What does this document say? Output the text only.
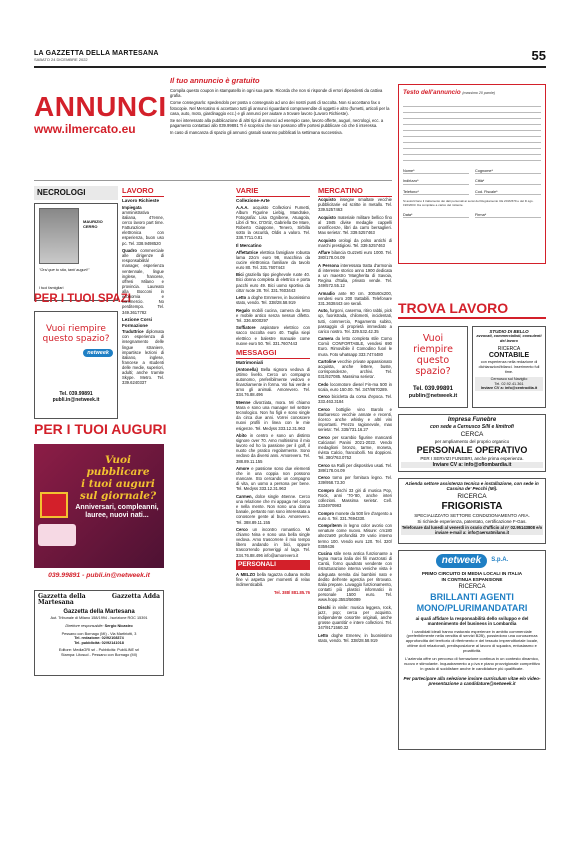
LA GAZZETTA DELLA MARTESANA
SABATO 24 DICEMBRE 2022	55
ANNUNCI
www.ilmercato.eu
Il tuo annuncio è gratuito

Compila questo coupon in stampatello in ogni sua parte. Ricorda che non si risponde di errori dipendenti da cattiva grafia.

Come consegnarlo: spedendolo per posta o consegnalo ad uno dei nostri punti di raccolta. Non si accettano fax o fotocopie. Nel Mercatino si accettano tutti gli annunci riguardanti compravendite di oggetti e altro (fumetti, articoli per la casa, auto, moto, giardinaggio ecc.) e gli annunci per aiutare a trovare lavoro (Lavoro Richieste).

Se sei interessato alla pubblicazione di altri tipi di annunci ad esempio case, lavoro offerte, auguri, necrologi, ecc. a pagamento contattaci allo 039.99891 Ti è scoprirai che non possono offre portesi pubblicare ciò che ti interessa.

In caso di mancanza di spazio gli annunci gratuiti saranno pubblicati la settimana successiva.

Testo dell'annuncio (massimo 20 parole)
Nome*	Cognome*
Indirizzo*	Città*
Telefono*	Cod. Fiscale*
Si autorizzano il trattamento dei dati personali ai sensi del Regolamento UE 2016/679 e del D.Lgs. 196/2003. Da compilare a carico del mittente.
Data*	Firma*
NECROLOGI
MAURIZIO CERRO
"Orsi que tu stia, tanti auguri!"
I tuoi famigliari
PER I TUOI SPAZI
Vuoi riempire questo spazio?
netweek
Tel. 039.99891
publi.in@netweek.it
PER I TUOI AUGURI
Vuoi pubblicare
i tuoi auguri
sul giornale?
Anniversari, compleanni, lauree, nuovi nati...
039.99891 - publi.in@netweek.it
Gazzetta della Martesana
Gazzetta Adda
Gazzetta della Martesana
Aut. Tribunale di Milano 158/1994 - Iscrizione ROC 15391
Direttore responsabile: Sergio Nicastro
Pessano con Bornago (MI) - Via Martiriotti, 3
Tel. redazione: 02/92108374
Tel. pubblicità: 02/92141018
Editore: MediaGRI srl - Pubblicità: PubliLINE srl
Stampa: Litosud - Pessano con Bornago (MI)
LAVORO
Lavoro Richieste

Impiegata amministrativa italiana, 47enne, cerco lavoro part time. Fatturazione elettronica con esperienza, buon uso pc. Tel. 338.9498520

Quadro commerciale alle dirigenze di responsabilità/ manager, esperienza ventennale, lingue inglese, francese, offresi Milano e provincia. Laureato alla Bocconi in economia e commercio. No perditempo. Tel. 349.3617782

Lezione Corsi Formazione

Traduttrice diplomata con esperienza di insegnamento delle lingue straniere, impartisce lezioni di italiano, inglese, francese a studenti delle medie, superiori, adulti; anche tramite Skype. Metro. Tel. 339.6240337

VARIE
Collezione-Arte

A.A.A. acquisto Collezioni Fumetti, Album Figurine Liebig, Mandrake, Fotografia: Lisa Ognibene, Atuagola, Libri di Tex, D'Ortiz, Gabriella De Mare, Roberto Giappone, Tenero, Sirbilla sotto la oscurità, Oldis a valoro. Tel. 338.7711.0.81

Il Mercatino

Affettatrice elettrica famigliare robusta lama 22cm euro 98, macchina da cucire elettronica familiare da tavolo euro 80. Tel. 331.7607443

Bici graziella tipo pieghevole ruote 40. Bici donna completa di elettrico e porta pacchi euro 49. Bici uomo sportiva da citta' ruote 28. Tel. 331.7603443

Letto a doghe Emmerev, in buonissimo stato, vendo. Tel. 338/28.58.919

Regalo mobili cucina, camera da letto e mobile antico senza nessun difetto. Tel. 336.6000297

Soffiatore aspiratore elettrico con sacco raccolta euro 40. Taglia siepi elettrico e balestre manuale come nuove euro 50. Tel. 331.7607443

MESSAGGI
Matrimoniali

(Antonella) Bella signora vedova di ottimo livello. Cerco un compagno autonomo, preferibilmente vedovo e finanziamente in forma. Voi hai verde e amo gli animali. Amorevero. Tel. 334.76.88.496

55enne divorziata, mora. Mi chiamo Mara e sono una manager nel settore tecnologico. Non ho figli e sono single da circa due anni. Vorrei conoscere nuovi profili in linea con le mie esigenze. Tel. Medyss 333.12.31.963

Abito in centro e sono un distinto signore over 70. Amo moltissimo il mio lavoro ed ho la passione per il golf, il nuoto che pratico regolarmente. Sono vedovo da diversi anni. Amorevero. Tel. 388.89.11.155

Amore e passione sono due elementi che in una coppia non possono mancare. Sto cercando un compagno di vita, un uomo a persona per bene. Tel. Medyss 333.12.31.963

Carmen, dolce single 46enne. Cerco una relazione che mi appaga nel corpo e nella mente. Non sono una donna banale, pertanto non sono interessata a conoscere gente al buio. Amorevero. Tel. 388.89.11.155

Cerco un incontro romantico. Mi chiamo Nina e sono una bella single vedova. Amo trascorrere il mio tempo libero andando in bici, oppure trascorrendo pomeriggi al lago. Tel. 334.76.88.496 info@amorevero.it

PERSONALI

A MELZO bella ragazza cubana molto fine vi aspetta per momenti di relax indimenticabili.

Tel. 388/ 881.85.76
MERCATINO

Acquisto insegne smaltate vecchie pubblicitarie ed scritte in metallo. Tel. 339.5257463

Acquisto materiale militare bellico fino al 1945 divise medaglie cappelli onorificenze, libri da carro bersaglieri. Max serieta'. Tel. 339.5257463

Acquisto orologi da polso antichi di marchi prestigiosi. Tel. 339.5257463

Affare bilancia Guzzetti euro 1000. Tel. 380/178.04.09

A Persona interessata tratta d'armonia di interesse storico anno 1900 dedicata a un maestro 'Margherita di Savoia, Regina d'Italia, privato vende. Tel. 349/572.55.12

Armadio ante 90 cm. 300x60x200, vendesi euro 200 trattabili. Telefonare 331.3638443 ore serali.

Auto, furgoni, caserma, ritiro rabbi, pick up, fuoristrada, chilometri, incidentati, tutti, commercio, Pagamento subito, passaggio di proprietà immediato a carico nostro. Tel. 329.532.42.35

Camera da letto completa stile Como Comò CONFORTABLE, vendesi 690 Euro. Rimovibile il Comodino fuori le mura. Foto whatsapp 333.7474480

Cartoline vecchie private appassionato acquista, anche lettere, buste, corrispondenze, archivi. Tel. 031/927085. Massima serieta'.

Cedo locomotore diesel Fin-ma 500 in scala, euro 150.00. Tel. 347/8670289.

Cerco bicicletta da corsa d'epoca. Tel. 333.463.3184

Cerco bottiglie vino Barolo e Barbaresco vecchie annate e recenti, ricerco anche whisky e altri vini importanti. Prezzo ragionevole, max serieta'. Tel. 335/731.16.27

Cerco per scambio figurine mancanti Calciatori Panini 2021-2022. Vendo medaglioni bronzo, tarme, moneta, rivista Calcio, francobolli. No doppioni. Tel. 380/763.0752

Cerco sa Ralli per dispositivo usati. Tel. 389/178.04.09

Cerco torno per fornitura legno. Tel. 339/958.73.30

Compro dischi 33 giri di musica Pop, Rock, anni '70-'80, anche interi collezioni. Massima serieta'. Cell. 3334970983

Compro monete da 500 lire d'argento a euro 4. Tel. 331.7694330.

Compriterm in legno color avorio con venature come nuovo. Misure: cm180 altezza90 profondità 29 vario interno termo 100. Vendo euro 120. Tel. 320/ 0359436

Cucina stile nera antica funzionante a legna marca italia dei fili marzorati di Cantù, forno quadrato vendente con ristrutturazione interna veniche vista è adeguata servita dai bambini nato e dedito dell'ente agenzia per ritrovato. Italia prepare. Lavaggio funzionamento, contatti più plastici informatici in personale 1500 euro. Tel. www.hopp.3553/56089

Dischi in vinile: musica leggera, rock, jazz, pop; cerca per acquisto. Indipendente cosortire originali, anche grosse quantità' e intere collezioni. Tel. 347/9171560.32

Letto doghe Emerev, in buonissimo stato, vendo. Tel. 338/28.58.919

TROVA LAVORO
Vuoi riempire questo spazio?
Tel. 039.99891
publin@netweek.it
STUDIO DI BELLO
avvocati, commercialisti, consulenti del lavoro
RICERCA
CONTABILE
con esperienza nella redazione di dichiarazioni/bilanci. Inserimento full time.
Cernusco sul Naviglio
Tel. 02.92.41.361
Inviare CV a: info@centrodiia.it
Impresa Funebre
con sede a Cernusco S/N e limitrofi
CERCA
per ampliamento del proprio organico
PERSONALE OPERATIVO
PER I SERVIZI FUNEBRI, anche prima esperienza.
Inviare CV a: info@oflombardia.it
Azienda settore assistenza tecnica e installazione, con sede in Cassina de' Pecchi (Mi).
RICERCA
FRIGORISTA
SPECIALIZZATO SETTORE CONDIZIONAMENTO ARIA.
Si richiede esperienza, patentato, certificazione F-Gas.
Telefonare dal lunedì al venerdì in orario d'ufficio al n° 02.95143808 e/o inviare e-mail a: info@aersatmilano.it
netweek	S.p.A.
PRIMO CIRCUITO DI MEDIA LOCALI IN ITALIA
IN CONTINUA ESPANSIONE
RICERCA
BRILLANTI AGENTI
MONO/PLURIMANDATARI
ai quali affidare la responsabilità dello sviluppo e del mantenimento del business in Lombardia
I candidati ideali hanno maturato esperienze in ambito commerciale (preferibilmente nella vendita di servizi B2B), possiedono una conoscenza approfondita del territorio di riferimento e del tessuto imprenditoriale locale, ottime doti relazionali, predisposizione al lavoro di squadra, entusiasmo e proattività.
L'azienda offre un percorso di formazione continua in un contesto dinamico, nuovo e stimolante. Inquadramento a p.iva e piano provvigionale competitivo in grado di soddisfare anche le candidature più qualificate.
Per partecipare alla selezione inviare curriculum vitae e/o video-presentazione a candidature@netweek.it
